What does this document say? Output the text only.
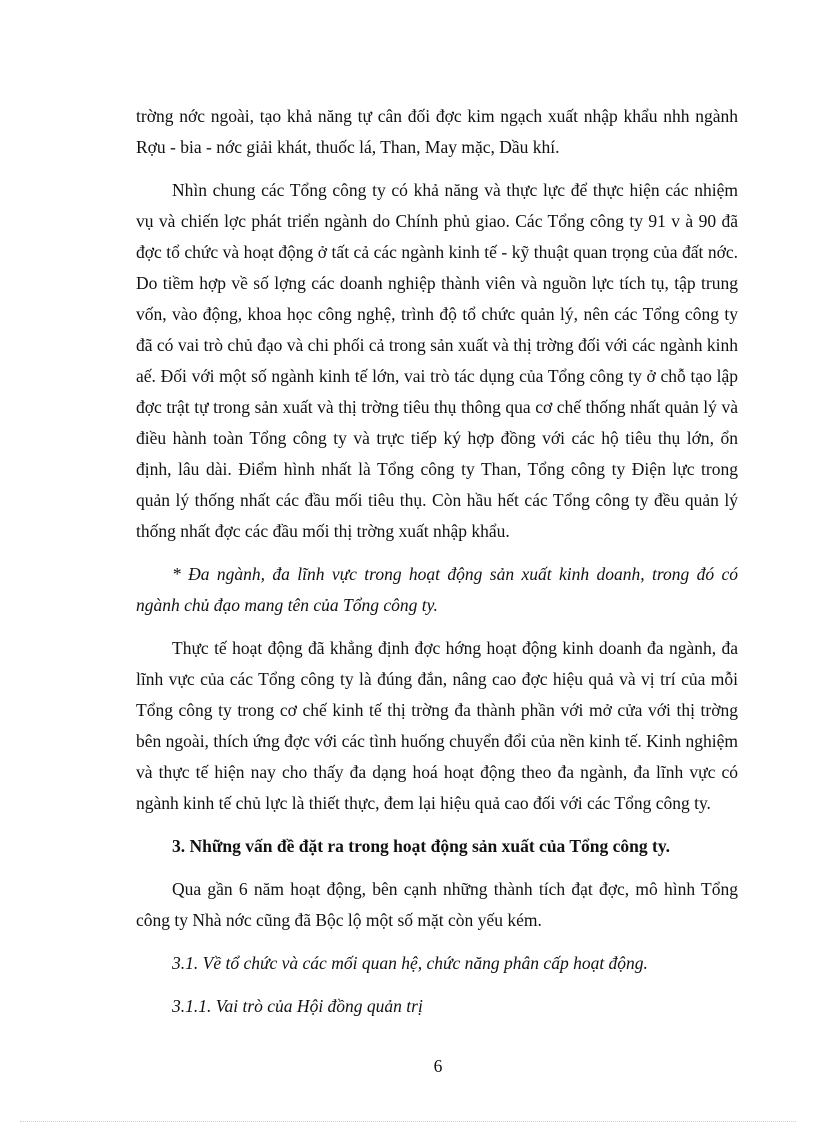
trờng nớc ngoài, tạo khả năng tự cân đối đợc kim ngạch xuất nhập khẩu nhh ngành Rợu - bia - nớc giải khát, thuốc lá, Than, May mặc, Dầu khí.

Nhìn chung các Tổng công ty có khả năng và thực lực để thực hiện các nhiệm vụ và chiến lợc phát triển ngành do Chính phủ giao. Các Tổng công ty 91 v à 90 đã đợc tổ chức và hoạt động ở tất cả các ngành kinh tế - kỹ thuật quan trọng của đất nớc. Do tiềm hợp về số lợng các doanh nghiệp thành viên và nguồn lực tích tụ, tập trung vốn, vào động, khoa học công nghệ, trình độ tổ chức quản lý, nên các Tổng công ty đã có vai trò chủ đạo và chi phối cả trong sản xuất và thị trờng đối với các ngành kinh aế. Đối với một số ngành kinh tế lớn, vai trò tác dụng của Tổng công ty ở chỗ tạo lập đợc trật tự trong sản xuất và thị trờng tiêu thụ thông qua cơ chế thống nhất quản lý và điều hành toàn Tổng công ty và trực tiếp ký hợp đồng với các hộ tiêu thụ lớn, ổn định, lâu dài. Điểm hình nhất là Tổng công ty Than, Tổng công ty Điện lực trong quản lý thống nhất các đầu mối tiêu thụ. Còn hầu hết các Tổng công ty đều quản lý thống nhất đợc các đầu mối thị trờng xuất nhập khẩu.

* Đa ngành, đa lĩnh vực trong hoạt động sản xuất kinh doanh, trong đó có ngành chủ đạo mang tên của Tổng công ty.

Thực tế hoạt động đã khẳng định đợc hớng hoạt động kinh doanh đa ngành, đa lĩnh vực của các Tổng công ty là đúng đắn, nâng cao đợc hiệu quả và vị trí của mỗi Tổng công ty trong cơ chế kinh tế thị trờng đa thành phần với mở cửa với thị trờng bên ngoài, thích ứng đợc với các tình huống chuyển đổi của nền kinh tế. Kinh nghiệm và thực tế hiện nay cho thấy đa dạng hoá hoạt động theo đa ngành, đa lĩnh vực có ngành kinh tế chủ lực là thiết thực, đem lại hiệu quả cao đối với các Tổng công ty.

3. Những vấn đề đặt ra trong hoạt động sản xuất của Tổng công ty.

Qua gần 6 năm hoạt động, bên cạnh những thành tích đạt đợc, mô hình Tổng công ty Nhà nớc cũng đã Bộc lộ một số mặt còn yếu kém.

3.1. Về tổ chức và các mối quan hệ, chức năng phân cấp hoạt động.

3.1.1. Vai trò của Hội đồng quản trị

6
